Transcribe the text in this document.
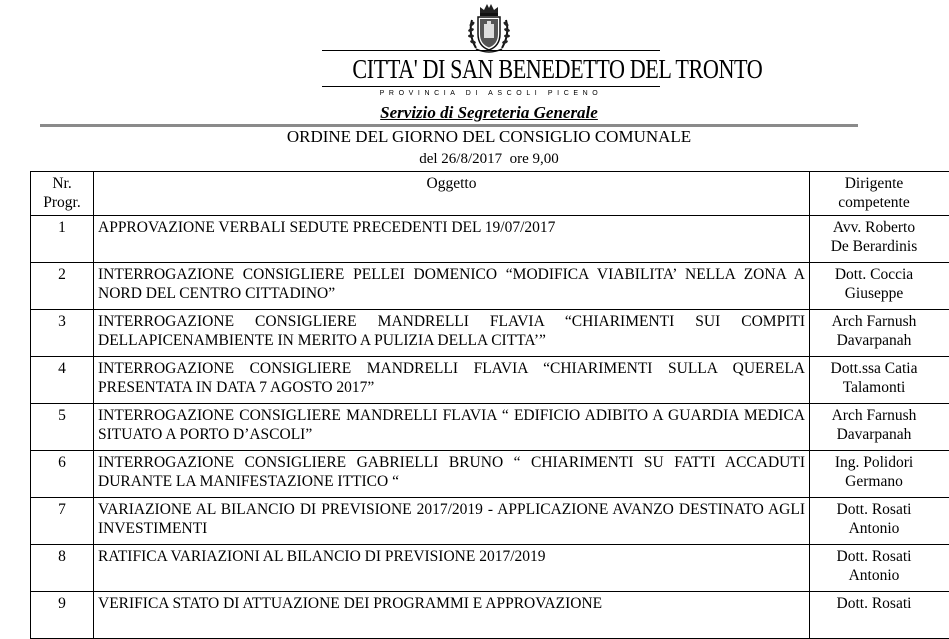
CITTA' DI SAN BENEDETTO DEL TRONTO
PROVINCIA DI ASCOLI PICENO
Servizio di Segreteria Generale
ORDINE DEL GIORNO DEL CONSIGLIO COMUNALE
del 26/8/2017  ore 9,00
Nr.
Progr.	Oggetto	Dirigente
competente

1	APPROVAZIONE VERBALI SEDUTE PRECEDENTI DEL 19/07/2017	Avv. Roberto
De Berardinis

2	INTERROGAZIONE CONSIGLIERE PELLEI DOMENICO “MODIFICA VIABILITA’ NELLA ZONA A NORD DEL CENTRO CITTADINO”	Dott. Coccia
Giuseppe

3	INTERROGAZIONE CONSIGLIERE MANDRELLI FLAVIA “CHIARIMENTI SUI COMPITI DELLAPICENAMBIENTE IN MERITO A PULIZIA DELLA CITTA’”	Arch Farnush
Davarpanah

4	INTERROGAZIONE CONSIGLIERE MANDRELLI FLAVIA “CHIARIMENTI SULLA QUERELA PRESENTATA IN DATA 7 AGOSTO 2017”	Dott.ssa Catia
Talamonti

5	INTERROGAZIONE CONSIGLIERE MANDRELLI FLAVIA “ EDIFICIO ADIBITO A GUARDIA MEDICA SITUATO A PORTO D’ASCOLI”	Arch Farnush
Davarpanah

6	INTERROGAZIONE CONSIGLIERE GABRIELLI BRUNO “ CHIARIMENTI SU FATTI ACCADUTI DURANTE LA MANIFESTAZIONE ITTICO “	Ing. Polidori
Germano

7	VARIAZIONE AL BILANCIO DI PREVISIONE 2017/2019 - APPLICAZIONE AVANZO DESTINATO AGLI INVESTIMENTI	Dott. Rosati
Antonio

8	RATIFICA VARIAZIONI AL BILANCIO DI PREVISIONE 2017/2019	Dott. Rosati
Antonio

9	VERIFICA STATO DI ATTUAZIONE DEI PROGRAMMI E APPROVAZIONE	Dott. Rosati
